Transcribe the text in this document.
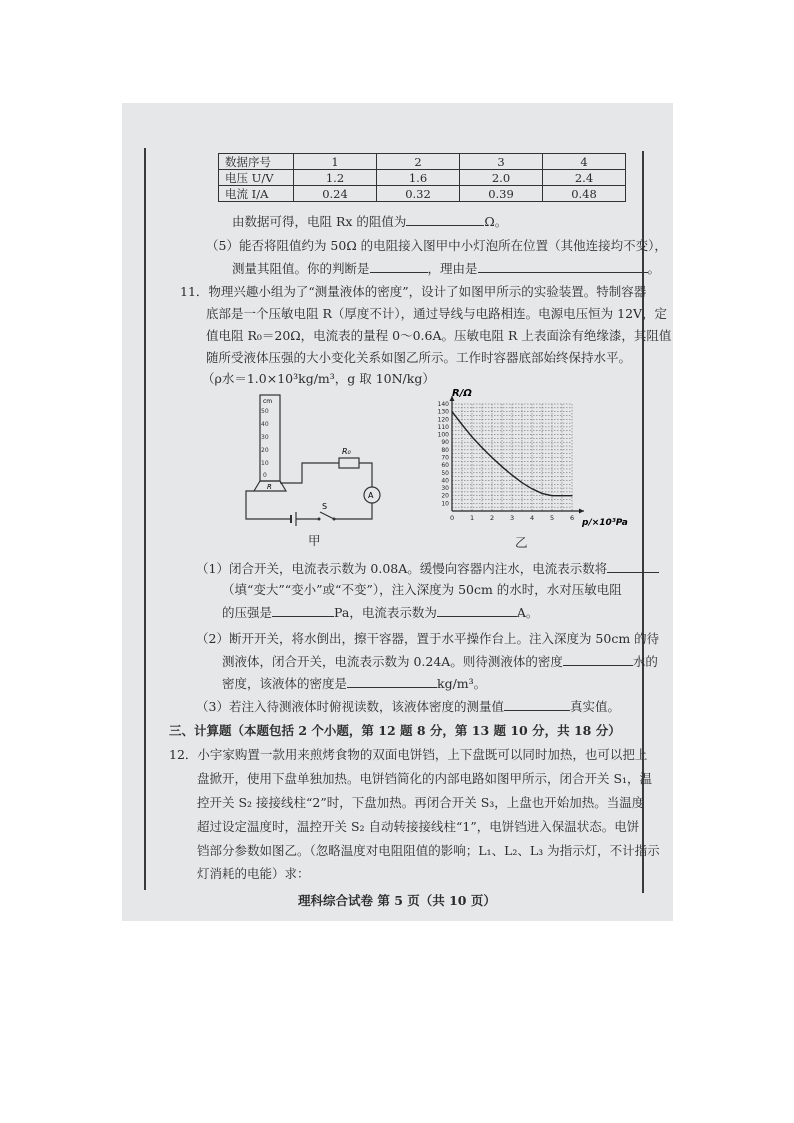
数据序号	1	2	3	4
电压 U/V	1.2	1.6	2.0	2.4
电流 I/A	0.24	0.32	0.39	0.48
由数据可得，电阻 Rx 的阻值为	Ω。
（5）能否将阻值约为 50Ω 的电阻接入图甲中小灯泡所在位置（其他连接均不变），
测量其阻值。你的判断是	，理由是	。
11．物理兴趣小组为了“测量液体的密度”，设计了如图甲所示的实验装置。特制容器
底部是一个压敏电阻 R（厚度不计），通过导线与电路相连。电源电压恒为 12V，定
值电阻 R₀＝20Ω，电流表的量程 0～0.6A。压敏电阻 R 上表面涂有绝缘漆，其阻值
随所受液体压强的大小变化关系如图乙所示。工作时容器底部始终保持水平。
（ρ水＝1.0×10³kg/m³，g 取 10N/kg）
cm
50
40
30
20
10
0
R
R₀
A
S
甲
0 1 2 3 4 5 6
10
20
30
40
50
60
70
80
90
100
110
120
130
140
R/Ω
p/×10³Pa
乙
（1）闭合开关，电流表示数为 0.08A。缓慢向容器内注水，电流表示数将
（填“变大”“变小”或“不变”），注入深度为 50cm 的水时，水对压敏电阻
的压强是	Pa，电流表示数为	A。
（2）断开开关，将水倒出，擦干容器，置于水平操作台上。注入深度为 50cm 的待
测液体，闭合开关，电流表示数为 0.24A。则待测液体的密度	水的
密度，该液体的密度是	kg/m³。
（3）若注入待测液体时俯视读数，该液体密度的测量值	真实值。
三、计算题（本题包括 2 个小题，第 12 题 8 分，第 13 题 10 分，共 18 分）
12．小宇家购置一款用来煎烤食物的双面电饼铛，上下盘既可以同时加热，也可以把上
盘掀开，使用下盘单独加热。电饼铛简化的内部电路如图甲所示，闭合开关 S₁，温
控开关 S₂ 接接线柱“2”时，下盘加热。再闭合开关 S₃，上盘也开始加热。当温度
超过设定温度时，温控开关 S₂ 自动转接接线柱“1”，电饼铛进入保温状态。电饼
铛部分参数如图乙。（忽略温度对电阻阻值的影响；L₁、L₂、L₃ 为指示灯，不计指示
灯消耗的电能）求：
理科综合试卷 第 5 页（共 10 页）
